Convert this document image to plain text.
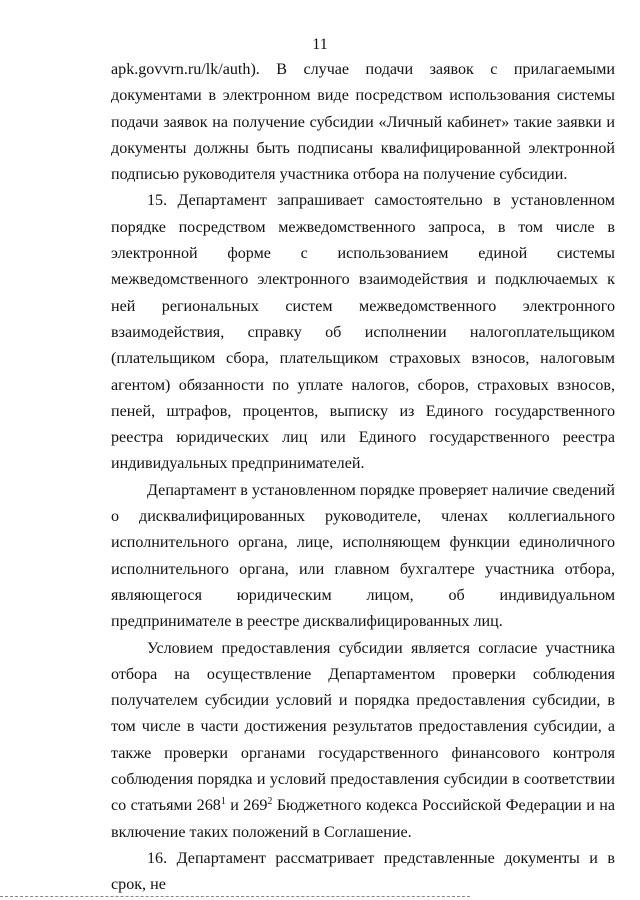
11

apk.govvrn.ru/lk/auth). В случае подачи заявок с прилагаемыми документами в электронном виде посредством использования системы подачи заявок на получение субсидии «Личный кабинет» такие заявки и документы должны быть подписаны квалифицированной электронной подписью руководителя участника отбора на получение субсидии.

15. Департамент запрашивает самостоятельно в установленном порядке посредством межведомственного запроса, в том числе в электронной форме с использованием единой системы межведомственного электронного взаимодействия и подключаемых к ней региональных систем межведомственного электронного взаимодействия, справку об исполнении налогоплательщиком (плательщиком сбора, плательщиком страховых взносов, налоговым агентом) обязанности по уплате налогов, сборов, страховых взносов, пеней, штрафов, процентов, выписку из Единого государственного реестра юридических лиц или Единого государственного реестра индивидуальных предпринимателей.

Департамент в установленном порядке проверяет наличие сведений о дисквалифицированных руководителе, членах коллегиального исполнительного органа, лице, исполняющем функции единоличного исполнительного органа, или главном бухгалтере участника отбора, являющегося юридическим лицом, об индивидуальном предпринимателе в реестре дисквалифицированных лиц.

Условием предоставления субсидии является согласие участника отбора на осуществление Департаментом проверки соблюдения получателем субсидии условий и порядка предоставления субсидии, в том числе в части достижения результатов предоставления субсидии, а также проверки органами государственного финансового контроля соблюдения порядка и условий предоставления субсидии в соответствии со статьями $268^1$ и $269^2$ Бюджетного кодекса Российской Федерации и на включение таких положений в Соглашение.

16. Департамент рассматривает представленные документы и в срок, не
